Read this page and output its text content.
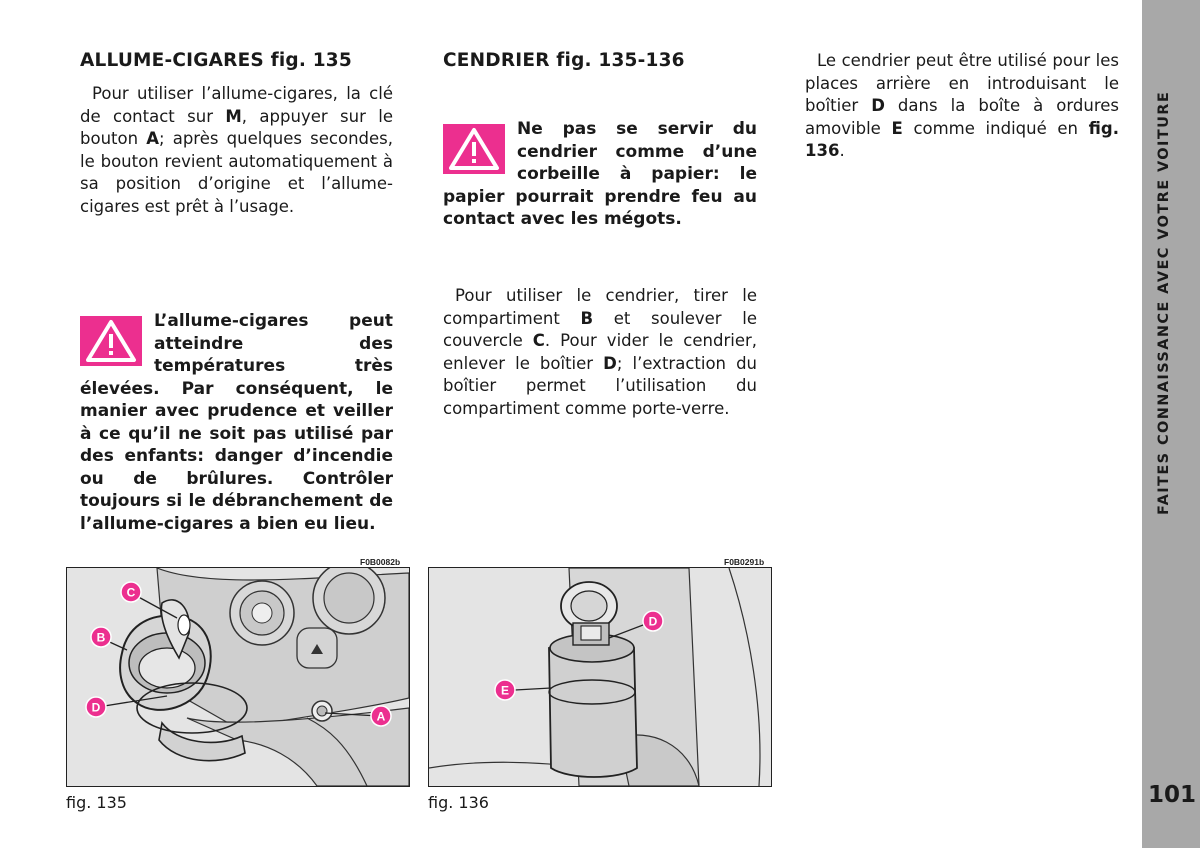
ALLUME-CIGARES fig. 135

Pour utiliser l’allume-cigares, la clé de contact sur M, appuyer sur le bouton A; après quelques secondes, le bouton revient automatiquement à sa position d’origine et l’allume-cigares est prêt à l’usage.

L’allume-cigares peut atteindre des températures très élevées. Par conséquent, le manier avec prudence et veiller à ce qu’il ne soit pas utilisé par des enfants: danger d’incendie ou de brûlures. Contrôler toujours si le débranchement de l’allume-cigares a bien eu lieu.
CENDRIER fig. 135-136
Ne pas se servir du cendrier comme d’une corbeille à papier: le papier pourrait prendre feu au contact avec les mégots.

Pour utiliser le cendrier, tirer le compartiment B et soulever le couvercle C. Pour vider le cendrier, enlever le boîtier D; l’extraction du boîtier permet l’utilisation du compartiment comme porte-verre.

Le cendrier peut être utilisé pour les places arrière en introduisant le boîtier D dans la boîte à ordures amovible E comme indiqué en fig. 136.

F0B0082b
C
B
D
A
fig. 135
F0B0291b
D
E
fig. 136
FAITES CONNAISSANCE AVEC VOTRE VOITURE
101
